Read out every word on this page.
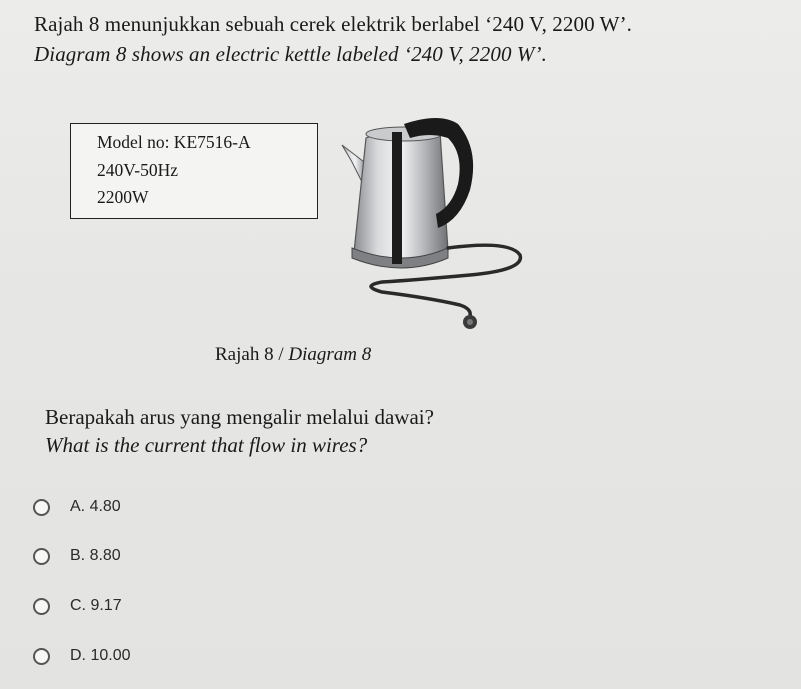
Rajah 8 menunjukkan sebuah cerek elektrik berlabel ‘240 V, 2200 W’.
Diagram 8 shows an electric kettle labeled ‘240 V, 2200 W’.
Model no: KE7516-A
240V-50Hz
2200W
Rajah 8 / Diagram 8
Berapakah arus yang mengalir melalui dawai?
What is the current that flow in wires?
A. 4.80
B. 8.80
C. 9.17
D. 10.00
